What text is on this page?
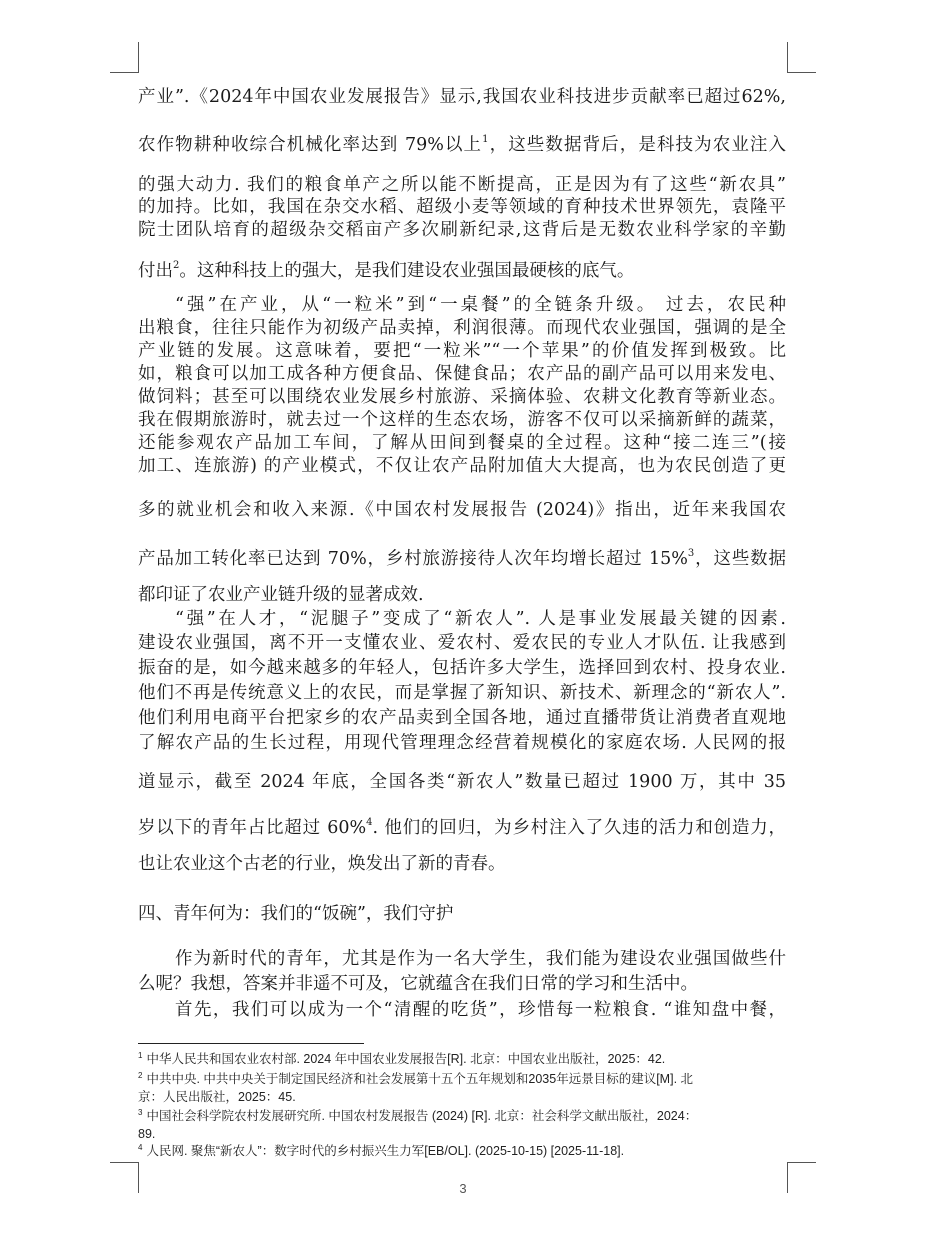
产业”.《2024年中国农业发展报告》显示,我国农业科技进步贡献率已超过62%,
农作物耕种收综合机械化率达到 79%以上$^1$，这些数据背后，是科技为农业注入
的强大动力. 我们的粮食单产之所以能不断提高，正是因为有了这些“新农具”
的加持。比如，我国在杂交水稻、超级小麦等领域的育种技术世界领先，袁隆平
院士团队培育的超级杂交稻亩产多次刷新纪录,这背后是无数农业科学家的辛勤
付出$^2$。这种科技上的强大，是我们建设农业强国最硬核的底气。
“强”在产业，从“一粒米”到“一桌餐”的全链条升级。 过去，农民种
出粮食，往往只能作为初级产品卖掉，利润很薄。而现代农业强国，强调的是全
产业链的发展。这意味着，要把“一粒米”“一个苹果”的价值发挥到极致。比
如，粮食可以加工成各种方便食品、保健食品；农产品的副产品可以用来发电、
做饲料；甚至可以围绕农业发展乡村旅游、采摘体验、农耕文化教育等新业态。
我在假期旅游时，就去过一个这样的生态农场，游客不仅可以采摘新鲜的蔬菜，
还能参观农产品加工车间，了解从田间到餐桌的全过程。这种“接二连三”(接
加工、连旅游) 的产业模式，不仅让农产品附加值大大提高，也为农民创造了更
多的就业机会和收入来源.《中国农村发展报告 (2024)》指出，近年来我国农
产品加工转化率已达到 70%，乡村旅游接待人次年均增长超过 15%$^3$，这些数据
都印证了农业产业链升级的显著成效.
“强”在人才，“泥腿子”变成了“新农人”. 人是事业发展最关键的因素.
建设农业强国，离不开一支懂农业、爱农村、爱农民的专业人才队伍. 让我感到
振奋的是，如今越来越多的年轻人，包括许多大学生，选择回到农村、投身农业.
他们不再是传统意义上的农民，而是掌握了新知识、新技术、新理念的“新农人”.
他们利用电商平台把家乡的农产品卖到全国各地，通过直播带货让消费者直观地
了解农产品的生长过程，用现代管理理念经营着规模化的家庭农场. 人民网的报
道显示，截至 2024 年底，全国各类“新农人”数量已超过 1900 万，其中 35
岁以下的青年占比超过 60%$^4$. 他们的回归，为乡村注入了久违的活力和创造力，
也让农业这个古老的行业，焕发出了新的青春。
四、青年何为：我们的“饭碗”，我们守护
作为新时代的青年，尤其是作为一名大学生，我们能为建设农业强国做些什
么呢？我想，答案并非遥不可及，它就蕴含在我们日常的学习和生活中。
首先，我们可以成为一个“清醒的吃货”，珍惜每一粒粮食. “谁知盘中餐，
$^1$ 中华人民共和国农业农村部. 2024 年中国农业发展报告[R]. 北京：中国农业出版社，2025：42.
$^2$ 中共中央. 中共中央关于制定国民经济和社会发展第十五个五年规划和2035年远景目标的建议[M]. 北
京：人民出版社，2025：45.
$^3$ 中国社会科学院农村发展研究所. 中国农村发展报告 (2024) [R]. 北京：社会科学文献出版社，2024：
89.
$^4$ 人民网. 聚焦“新农人”：数字时代的乡村振兴生力军[EB/OL]. (2025-10-15) [2025-11-18].
3
